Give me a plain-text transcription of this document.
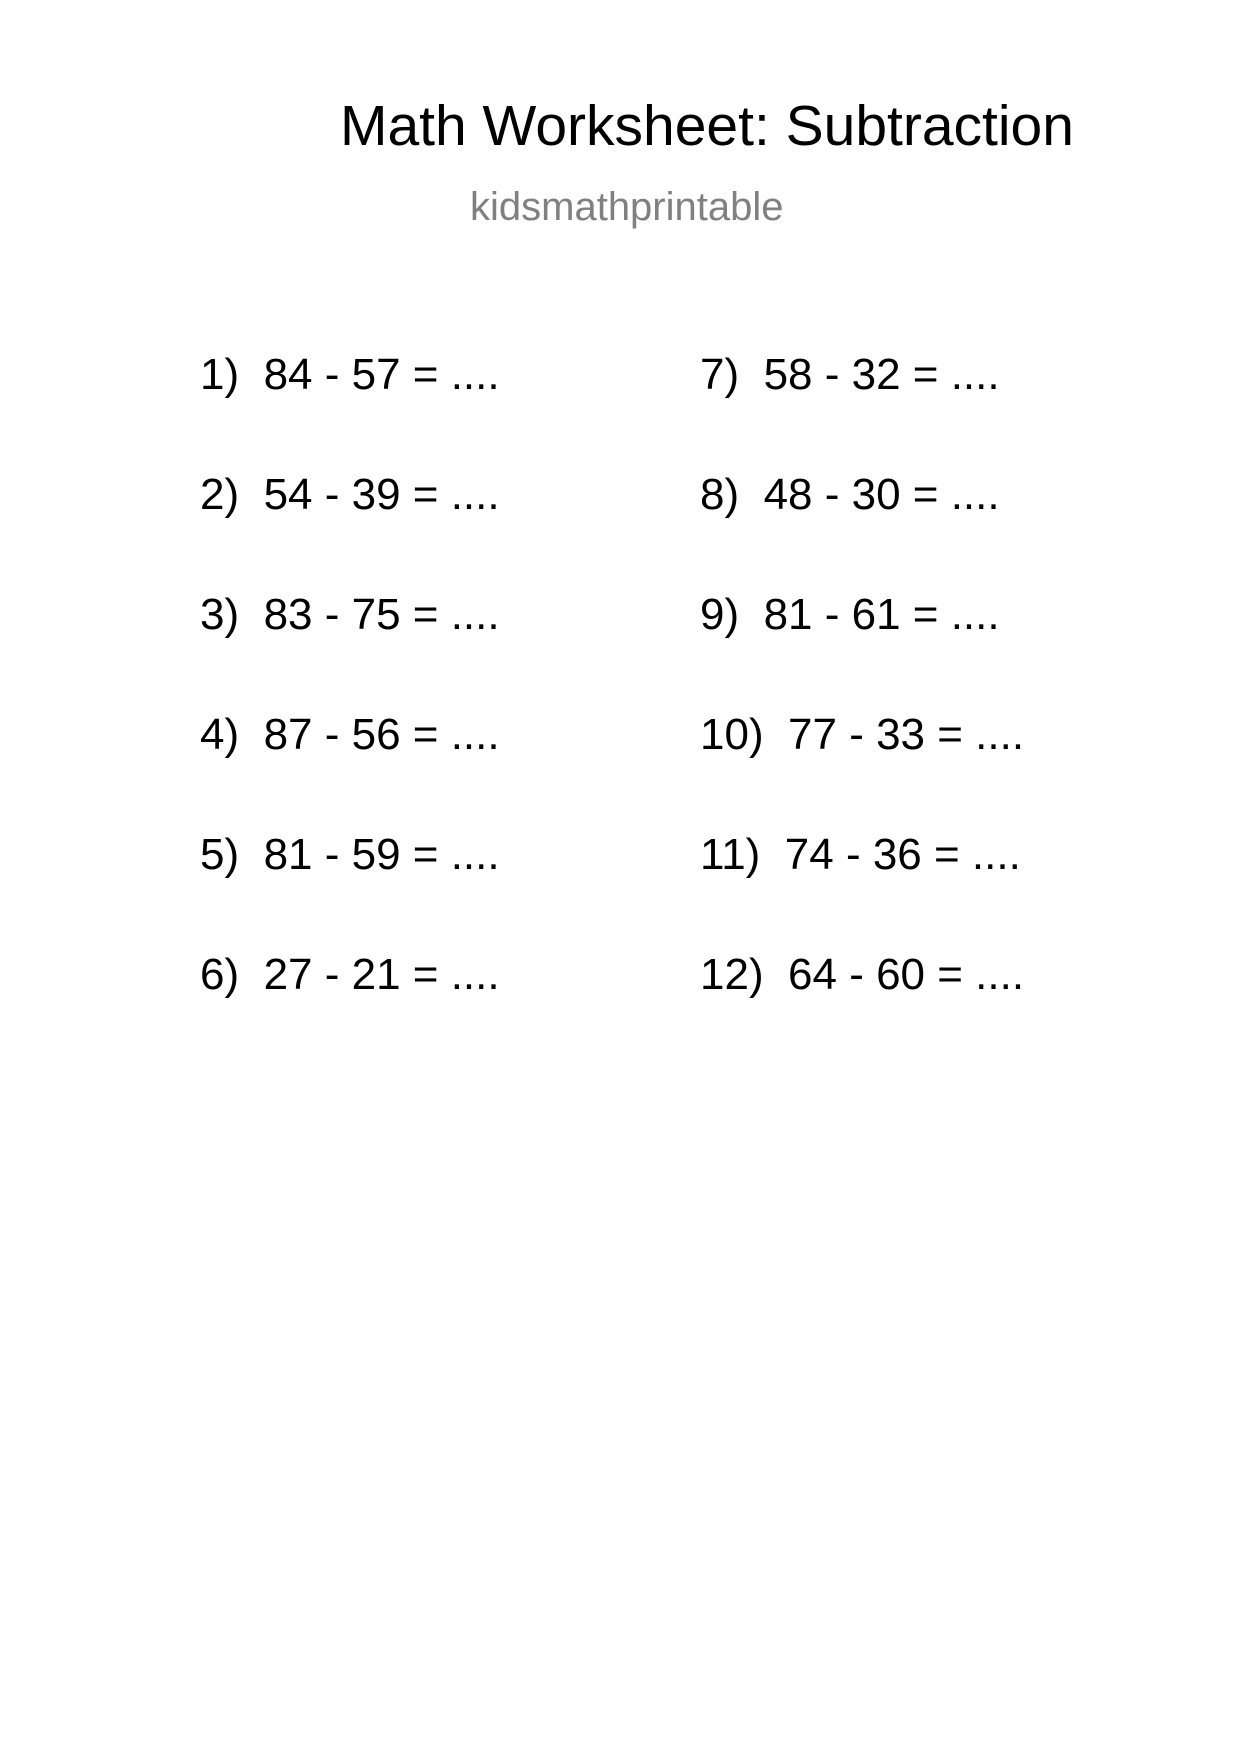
Math Worksheet: Subtraction
kidsmathprintable
1)  84 - 57 = ....
2)  54 - 39 = ....
3)  83 - 75 = ....
4)  87 - 56 = ....
5)  81 - 59 = ....
6)  27 - 21 = ....
7)  58 - 32 = ....
8)  48 - 30 = ....
9)  81 - 61 = ....
10)  77 - 33 = ....
11)  74 - 36 = ....
12)  64 - 60 = ....
